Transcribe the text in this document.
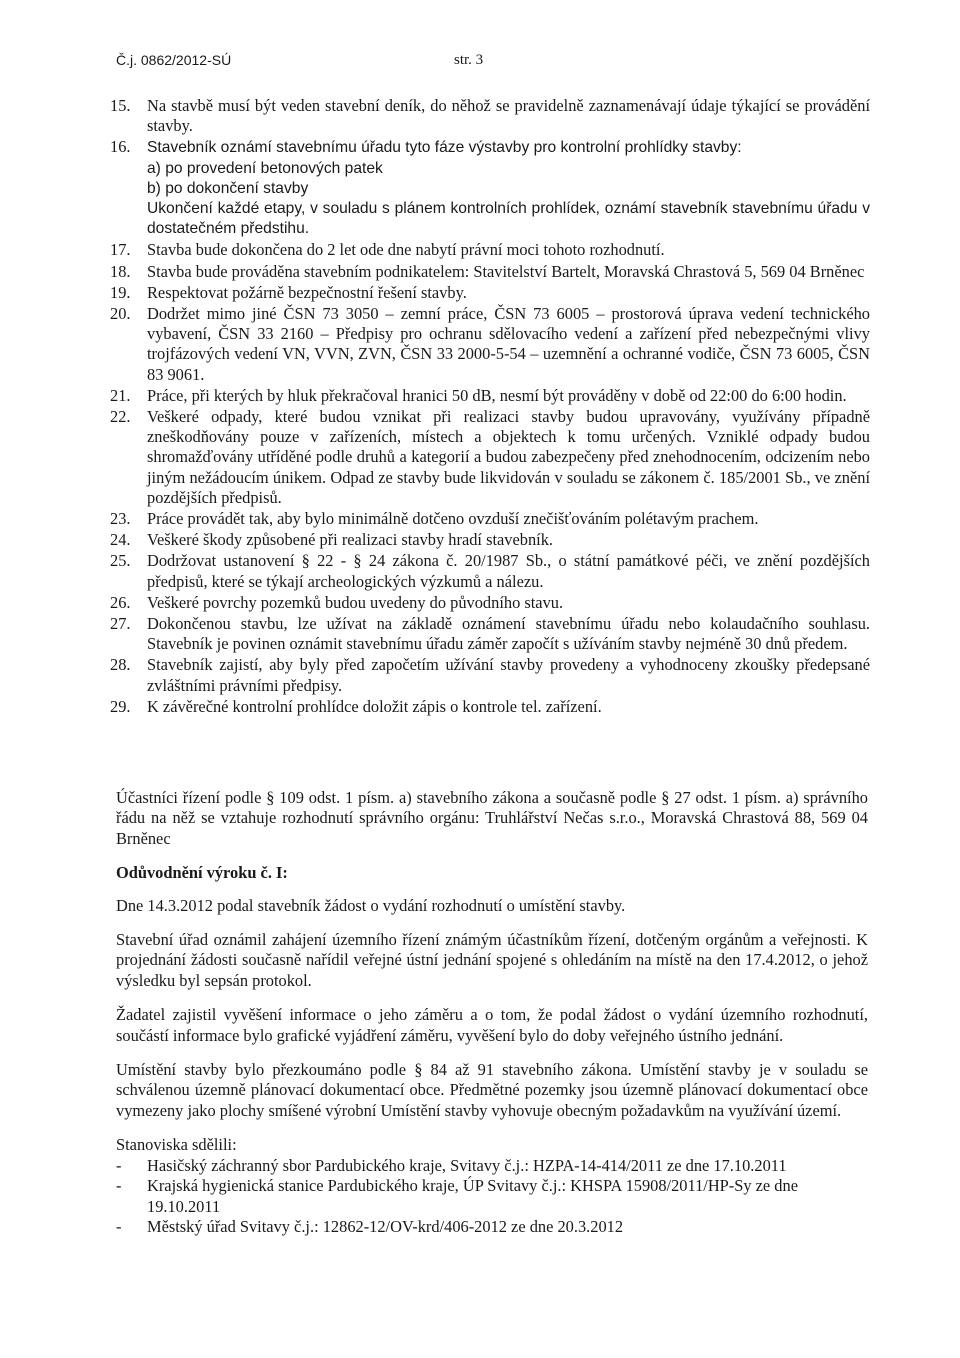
Č.j. 0862/2012-SÚ	str. 3
15. Na stavbě musí být veden stavební deník, do něhož se pravidelně zaznamenávají údaje týkající se provádění stavby.
16. Stavebník oznámí stavebnímu úřadu tyto fáze výstavby pro kontrolní prohlídky stavby:
a) po provedení betonových patek
b) po dokončení stavby
Ukončení každé etapy, v souladu s plánem kontrolních prohlídek, oznámí stavebník stavebnímu úřadu v dostatečném předstihu.
17. Stavba bude dokončena do 2 let ode dne nabytí právní moci tohoto rozhodnutí.
18. Stavba bude prováděna stavebním podnikatelem: Stavitelství Bartelt, Moravská Chrastová 5, 569 04 Brněnec
19. Respektovat požárně bezpečnostní řešení stavby.
20. Dodržet mimo jiné ČSN 73 3050 – zemní práce, ČSN 73 6005 – prostorová úprava vedení technického vybavení, ČSN 33 2160 – Předpisy pro ochranu sdělovacího vedení a zařízení před nebezpečnými vlivy trojfázových vedení VN, VVN, ZVN, ČSN 33 2000-5-54 – uzemnění a ochranné vodiče, ČSN 73 6005, ČSN 83 9061.
21. Práce, při kterých by hluk překračoval hranici 50 dB, nesmí být prováděny v době od 22:00 do 6:00 hodin.
22. Veškeré odpady, které budou vznikat při realizaci stavby budou upravovány, využívány případně zneškodňovány pouze v zařízeních, místech a objektech k tomu určených. Vzniklé odpady budou shromažďovány utříděné podle druhů a kategorií a budou zabezpečeny před znehodnocením, odcizením nebo jiným nežádoucím únikem. Odpad ze stavby bude likvidován v souladu se zákonem č. 185/2001 Sb., ve znění pozdějších předpisů.
23. Práce provádět tak, aby bylo minimálně dotčeno ovzduší znečišťováním polétavým prachem.
24. Veškeré škody způsobené při realizaci stavby hradí stavebník.
25. Dodržovat ustanovení § 22 - § 24 zákona č. 20/1987 Sb., o státní památkové péči, ve znění pozdějších předpisů, které se týkají archeologických výzkumů a nálezu.
26. Veškeré povrchy pozemků budou uvedeny do původního stavu.
27. Dokončenou stavbu, lze užívat na základě oznámení stavebnímu úřadu nebo kolaudačního souhlasu. Stavebník je povinen oznámit stavebnímu úřadu záměr započít s užíváním stavby nejméně 30 dnů předem.
28. Stavebník zajistí, aby byly před započetím užívání stavby provedeny a vyhodnoceny zkoušky předepsané zvláštními právními předpisy.
29. K závěrečné kontrolní prohlídce doložit zápis o kontrole tel. zařízení.

Účastníci řízení podle § 109 odst. 1 písm. a) stavebního zákona a současně podle § 27 odst. 1 písm. a) správního řádu na něž se vztahuje rozhodnutí správního orgánu: Truhlářství Nečas s.r.o., Moravská Chrastová 88, 569 04 Brněnec

Odůvodnění výroku č. I:

Dne 14.3.2012 podal stavebník žádost o vydání rozhodnutí o umístění stavby.

Stavební úřad oznámil zahájení územního řízení známým účastníkům řízení, dotčeným orgánům a veřejnosti. K projednání žádosti současně nařídil veřejné ústní jednání spojené s ohledáním na místě na den 17.4.2012, o jehož výsledku byl sepsán protokol.

Žadatel zajistil vyvěšení informace o jeho záměru a o tom, že podal žádost o vydání územního rozhodnutí, součástí informace bylo grafické vyjádření záměru, vyvěšení bylo do doby veřejného ústního jednání.

Umístění stavby bylo přezkoumáno podle § 84 až 91 stavebního zákona. Umístění stavby je v souladu se schválenou územně plánovací dokumentací obce. Předmětné pozemky jsou územně plánovací dokumentací obce vymezeny jako plochy smíšené výrobní Umístění stavby vyhovuje obecným požadavkům na využívání území.

Stanoviska sdělili:
- Hasičský záchranný sbor Pardubického kraje, Svitavy č.j.: HZPA-14-414/2011 ze dne 17.10.2011
- Krajská hygienická stanice Pardubického kraje, ÚP Svitavy č.j.: KHSPA 15908/2011/HP-Sy ze dne 19.10.2011
- Městský úřad Svitavy č.j.: 12862-12/OV-krd/406-2012 ze dne 20.3.2012
